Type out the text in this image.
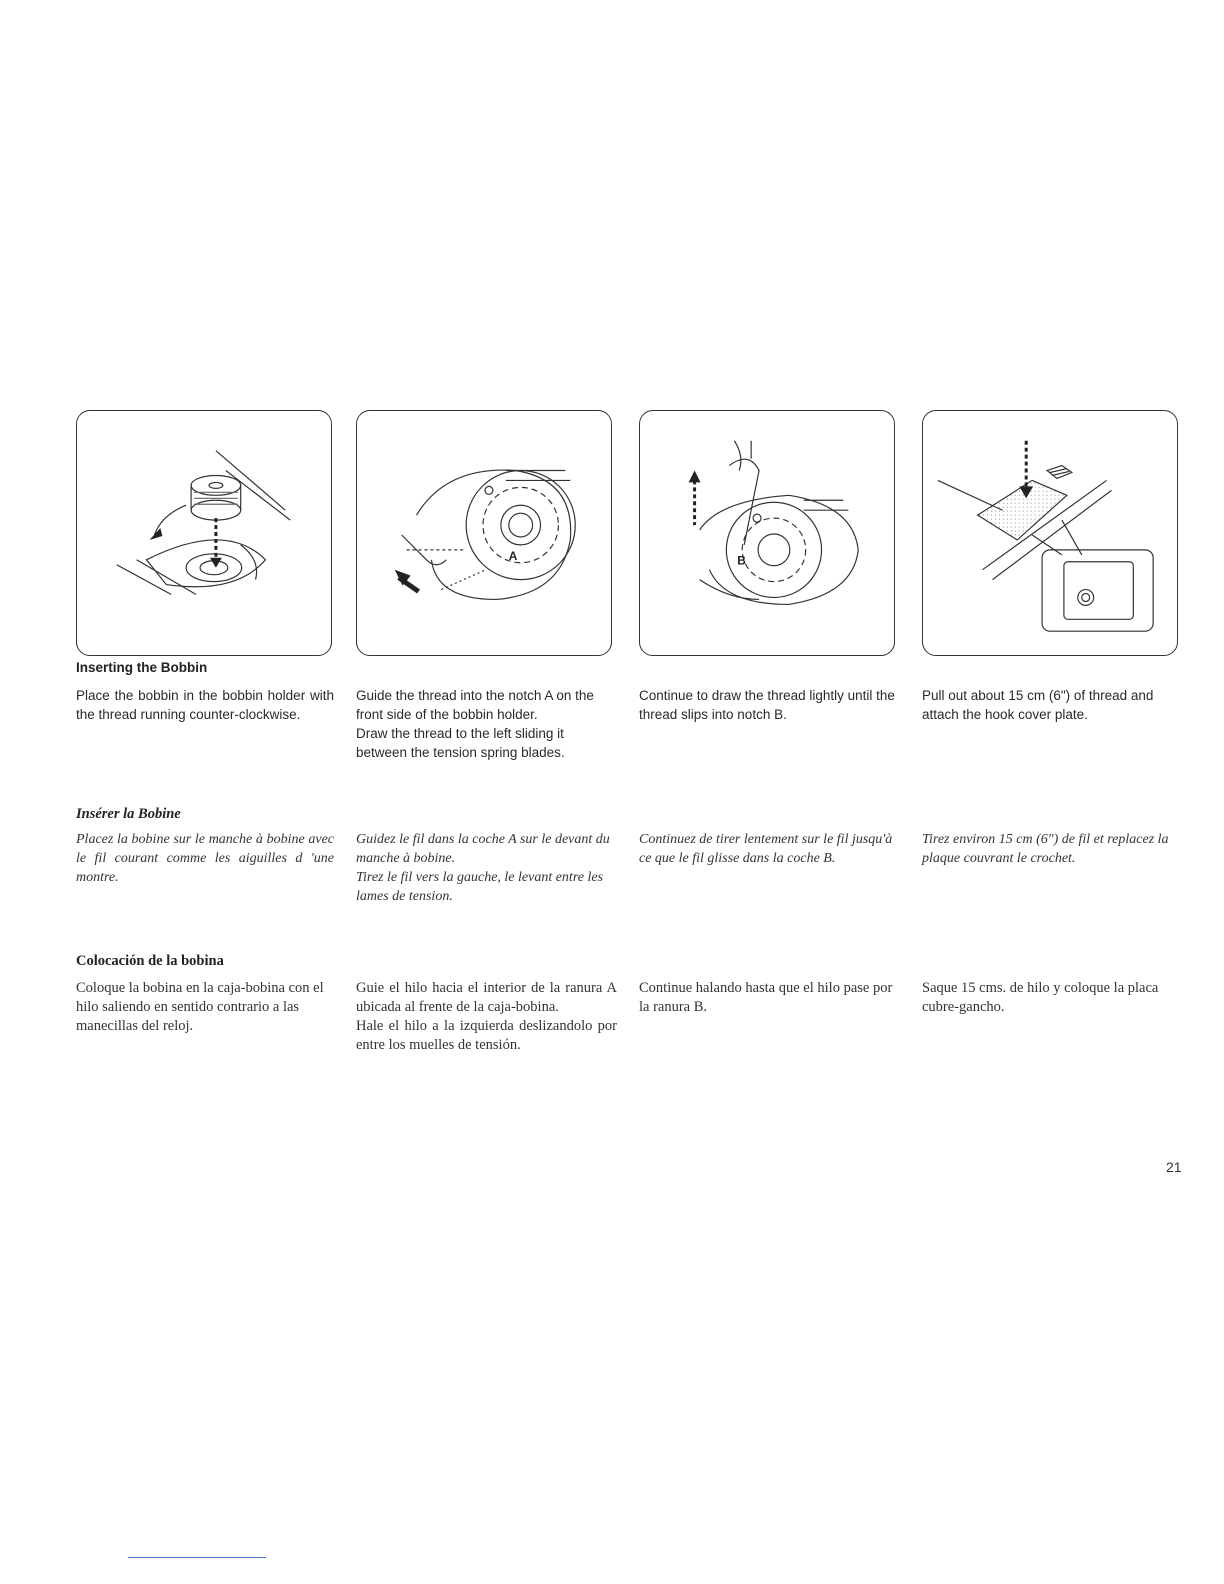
A	B
Inserting the Bobbin
Insérer la Bobine
Colocación de la bobina

Place the bobbin in the bobbin holder with the thread running counter-clockwise.

Guide the thread into the notch A on the front side of the bobbin holder.

Draw the thread to the left sliding it between the tension spring blades.

Continue to draw the thread lightly until the thread slips into notch B.

Pull out about 15 cm (6") of thread and attach the hook cover plate.

Placez la bobine sur le manche à bobine avec le fil courant comme les aiguilles d 'une montre.

Guidez le fil dans la coche A sur le devant du manche à bobine.

Tirez le fil vers la gauche, le levant entre les lames de tension.

Continuez de tirer lentement sur le fil jusqu'à ce que le fil glisse dans la coche B.

Tirez environ 15 cm (6") de fil et replacez la plaque couvrant le crochet.

Coloque la bobina en la caja-bobina con el hilo saliendo en sentido contrario a las manecillas del reloj.

Guie el hilo hacia el interior de la ranura A ubicada al frente de la caja-bobina.

Hale el hilo a la izquierda deslizandolo por entre los muelles de tensión.

Continue halando hasta que el hilo pase por la ranura B.

Saque 15 cms. de hilo y coloque la placa cubre-gancho.

21
